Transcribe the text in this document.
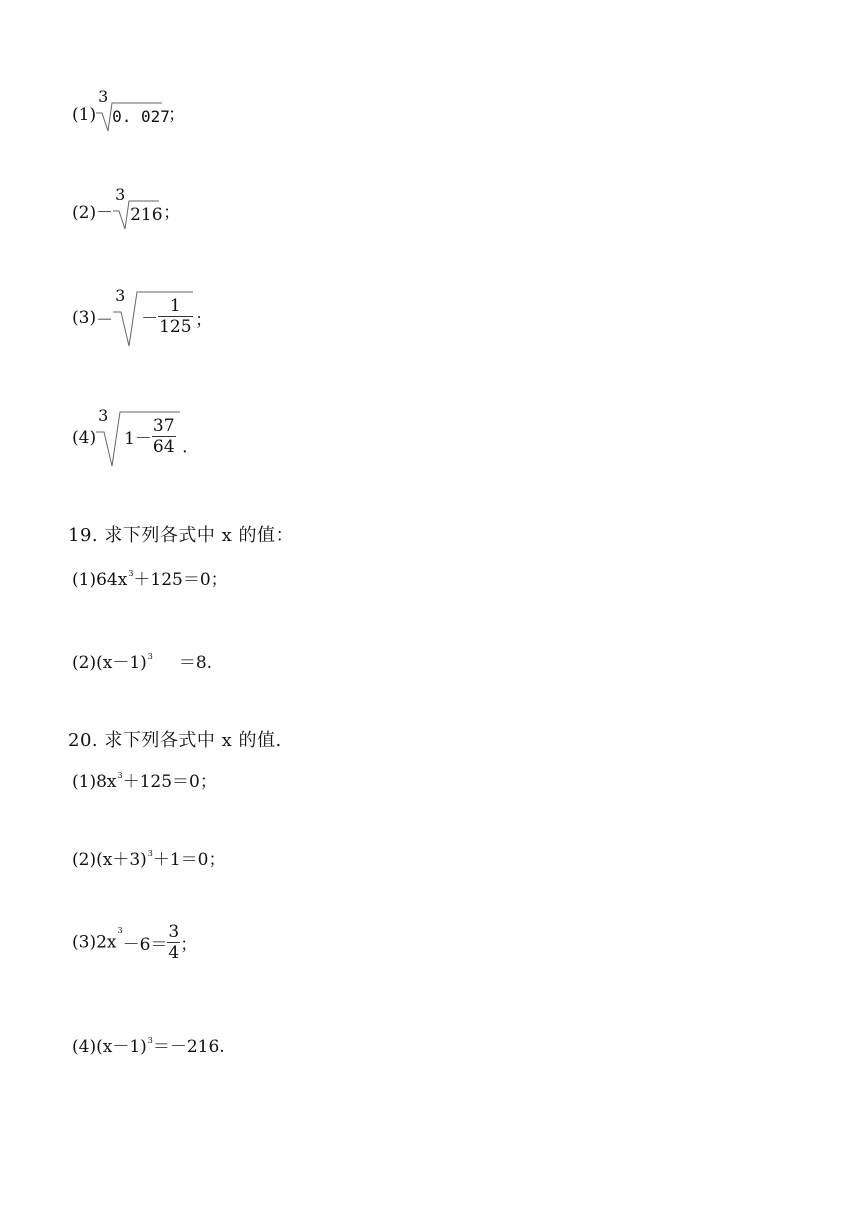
(1)
3
0. 027
；
(2)－
3
216 ；
(3)－
3
－ $\frac{1}{125}$ ；
(4)
3
$1- \frac{37}{64}$ .
19. 求下列各式中 x 的值：
$(1)64x^3+125=0$；
$(2)(x-1)^3 =8$.
20. 求下列各式中 x 的值.
$(1)8x^3+125=0$；
$(2)(x+3)^3+1=0$；
$(3)2x^3-6= \frac{3}{4}$ ；
$(4)(x-1)^3=-216$.
